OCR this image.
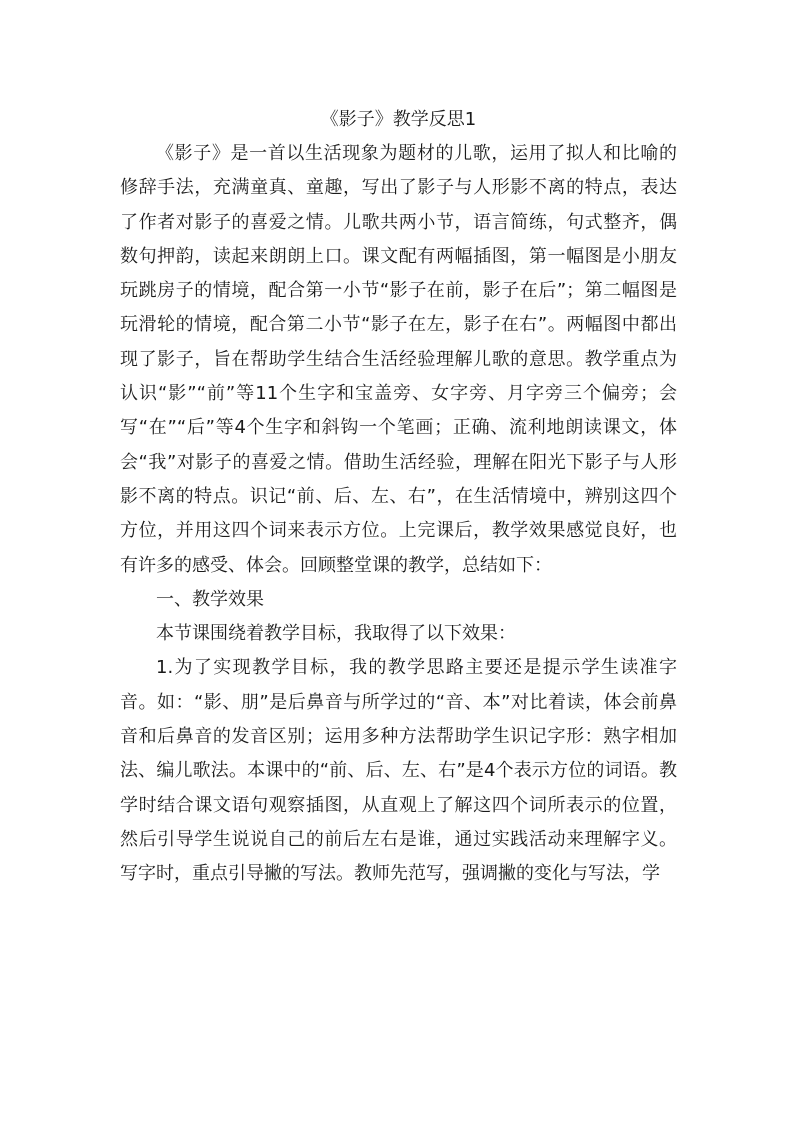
《影子》教学反思1

《影子》是一首以生活现象为题材的儿歌，运用了拟人和比喻的修辞手法，充满童真、童趣，写出了影子与人形影不离的特点，表达了作者对影子的喜爱之情。儿歌共两小节，语言简练，句式整齐，偶数句押韵，读起来朗朗上口。课文配有两幅插图，第一幅图是小朋友玩跳房子的情境，配合第一小节“影子在前，影子在后”；第二幅图是玩滑轮的情境，配合第二小节“影子在左，影子在右”。两幅图中都出现了影子，旨在帮助学生结合生活经验理解儿歌的意思。教学重点为认识“影”“前”等11个生字和宝盖旁、女字旁、月字旁三个偏旁；会写“在”“后”等4个生字和斜钩一个笔画；正确、流利地朗读课文，体会“我”对影子的喜爱之情。借助生活经验，理解在阳光下影子与人形影不离的特点。识记“前、后、左、右”，在生活情境中，辨别这四个方位，并用这四个词来表示方位。上完课后，教学效果感觉良好，也有许多的感受、体会。回顾整堂课的教学，总结如下：

一、教学效果

本节课围绕着教学目标，我取得了以下效果：

1.为了实现教学目标，我的教学思路主要还是提示学生读准字音。如：“影、朋”是后鼻音与所学过的“音、本”对比着读，体会前鼻音和后鼻音的发音区别；运用多种方法帮助学生识记字形：熟字相加法、编儿歌法。本课中的“前、后、左、右”是4个表示方位的词语。教学时结合课文语句观察插图，从直观上了解这四个词所表示的位置，然后引导学生说说自己的前后左右是谁，通过实践活动来理解字义。写字时，重点引导撇的写法。教师先范写，强调撇的变化与写法，学
